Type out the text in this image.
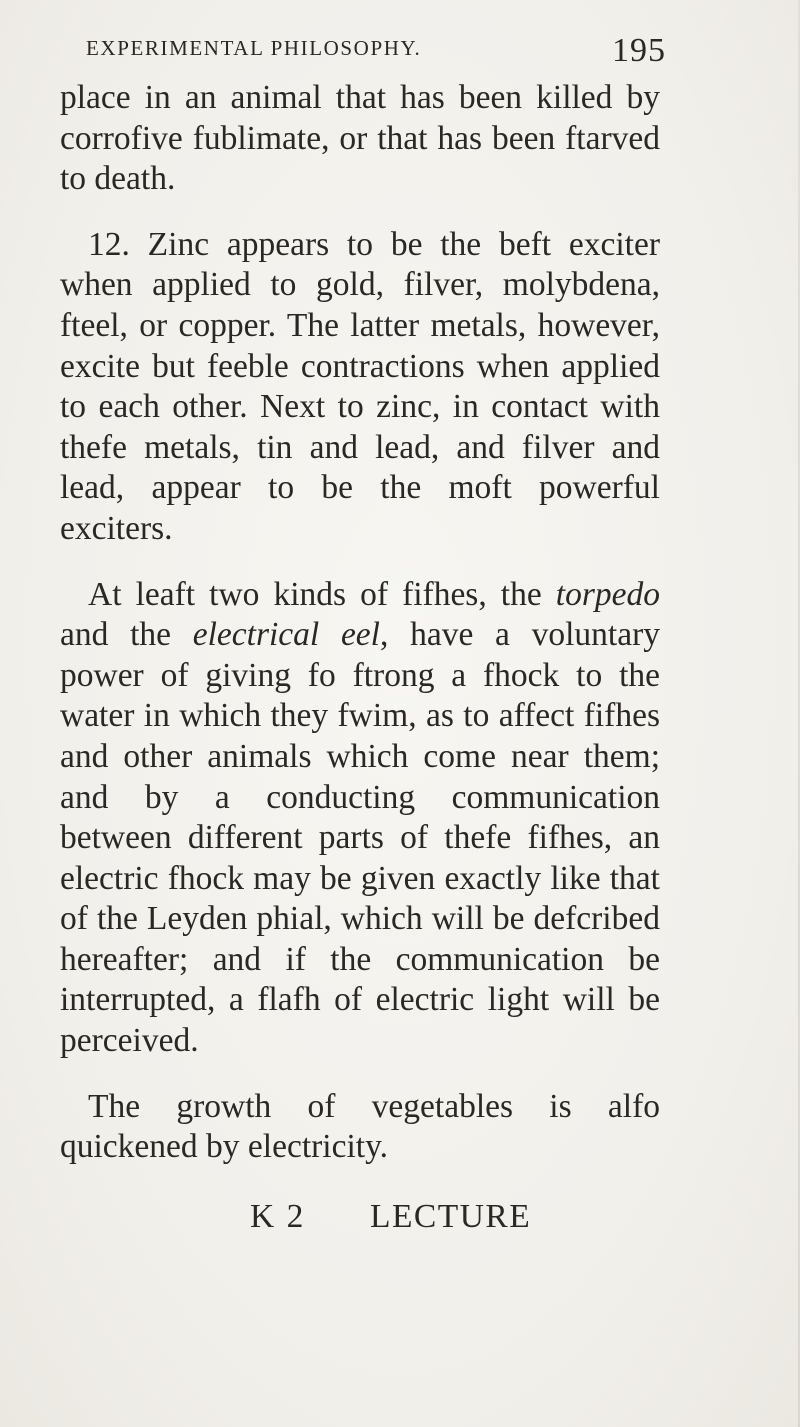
EXPERIMENTAL PHILOSOPHY.	195

place in an animal that has been killed by corrofive fublimate, or that has been ftarved to death.

12. Zinc appears to be the beft exciter when applied to gold, filver, molybdena, fteel, or copper. The latter metals, however, excite but feeble contractions when applied to each other. Next to zinc, in contact with thefe metals, tin and lead, and filver and lead, appear to be the moft powerful exciters.

At leaft two kinds of fifhes, the torpedo and the electrical eel, have a voluntary power of giving fo ftrong a fhock to the water in which they fwim, as to affect fifhes and other animals which come near them; and by a conducting communication between different parts of thefe fifhes, an electric fhock may be given exactly like that of the Leyden phial, which will be defcribed hereafter; and if the communication be interrupted, a flafh of electric light will be perceived.

The growth of vegetables is alfo quickened by electricity.

K 2 LECTURE
